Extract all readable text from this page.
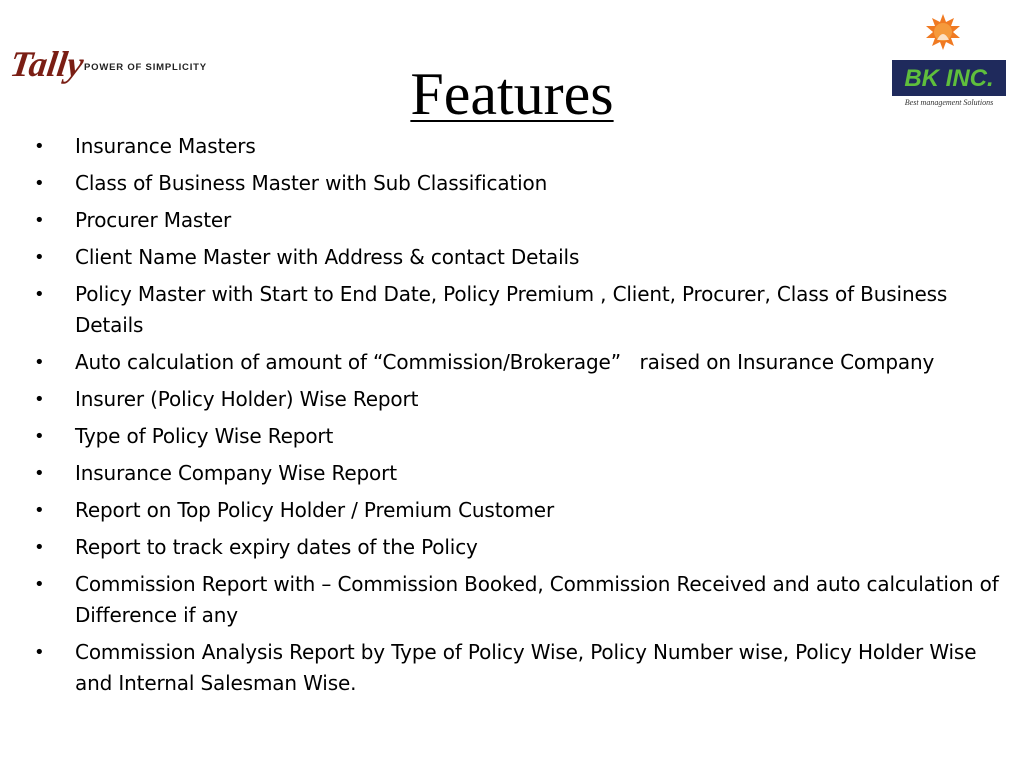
Tally
POWER OF SIMPLICITY	BK INC.
Best management Solutions
Features
• Insurance Masters
• Class of Business Master with Sub Classification
• Procurer Master
• Client Name Master with Address & contact Details
• Policy Master with Start to End Date, Policy Premium , Client, Procurer, Class of Business Details
• Auto calculation of amount of “Commission/Brokerage”   raised on Insurance Company
• Insurer (Policy Holder) Wise Report
• Type of Policy Wise Report
• Insurance Company Wise Report
• Report on Top Policy Holder / Premium Customer
• Report to track expiry dates of the Policy
• Commission Report with – Commission Booked, Commission Received and auto calculation of Difference if any
• Commission Analysis Report by Type of Policy Wise, Policy Number wise, Policy Holder Wise and Internal Salesman Wise.
